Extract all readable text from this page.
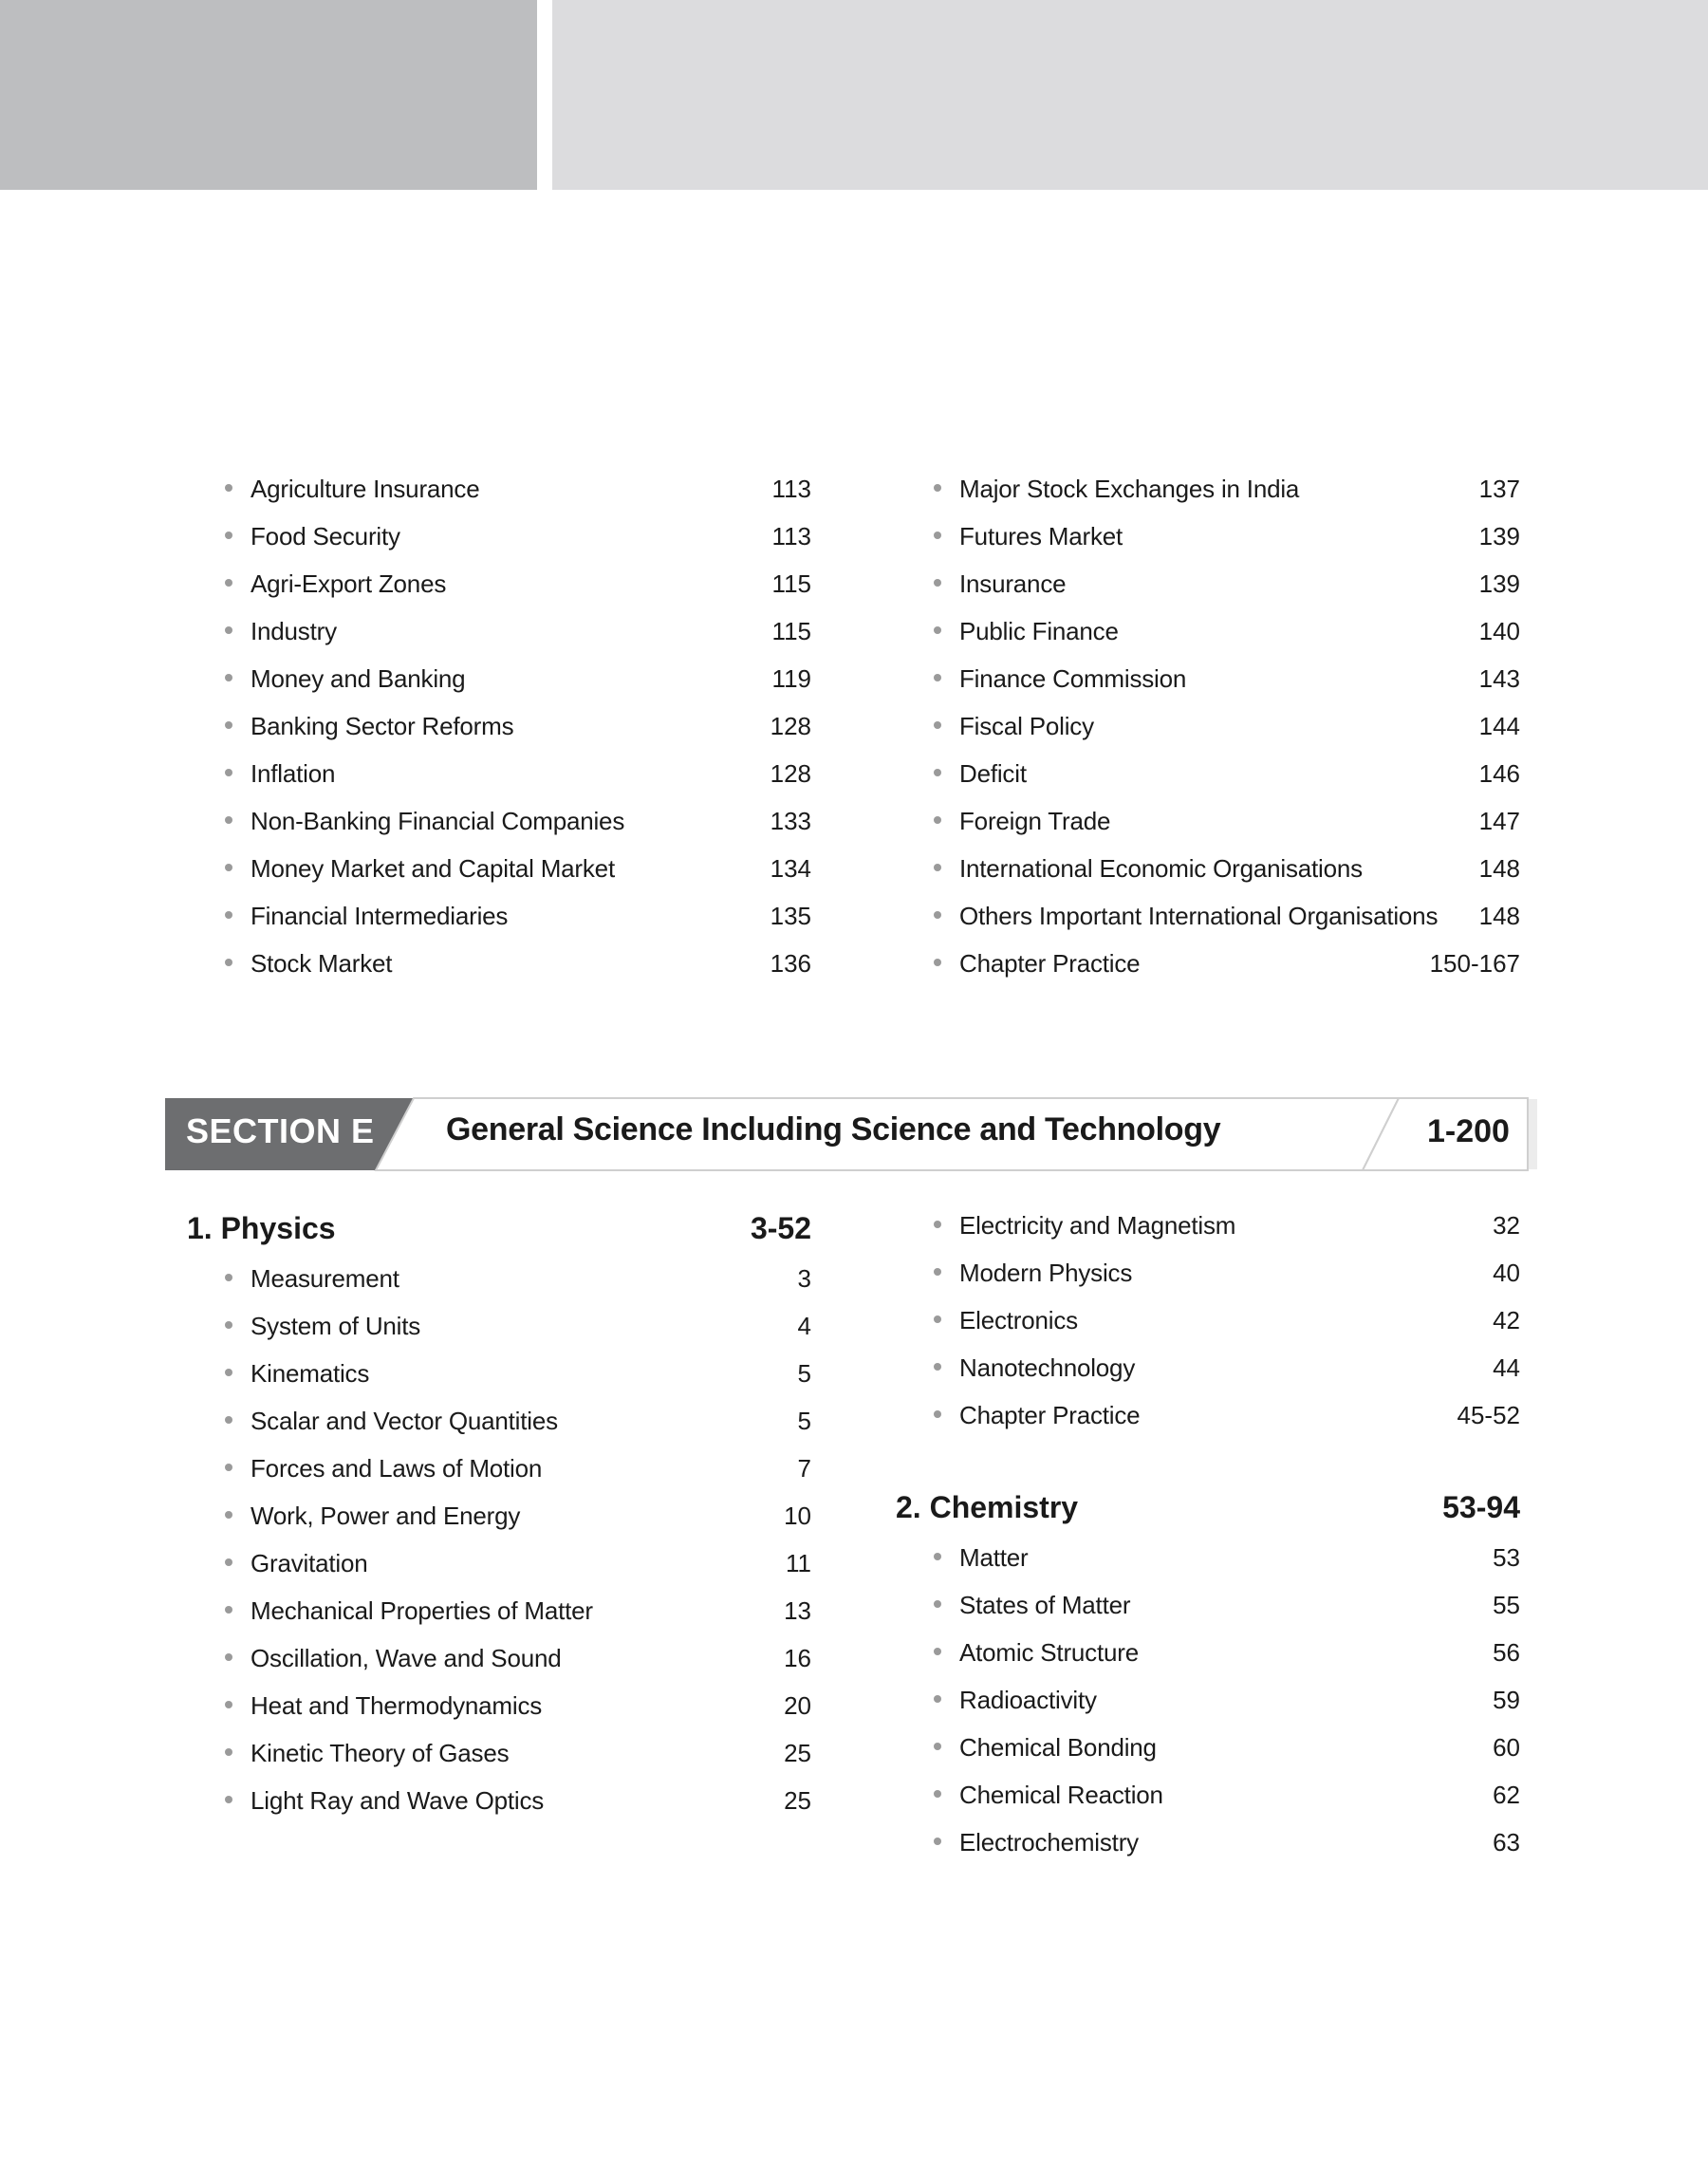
Agriculture Insurance	113
Food Security	113
Agri-Export Zones	115
Industry	115
Money and Banking	119
Banking Sector Reforms	128
Inflation	128
Non-Banking Financial Companies	133
Money Market and Capital Market	134
Financial Intermediaries	135
Stock Market	136
Major Stock Exchanges in India	137
Futures Market	139
Insurance	139
Public Finance	140
Finance Commission	143
Fiscal Policy	144
Deficit	146
Foreign Trade	147
International Economic Organisations	148
Others Important International Organisations 148
Chapter Practice	150-167
SECTION E General Science Including Science and Technology	1-200
1. Physics	3-52
Measurement	3
System of Units	4
Kinematics	5
Scalar and Vector Quantities	5
Forces and Laws of Motion	7
Work, Power and Energy	10
Gravitation	11
Mechanical Properties of Matter	13
Oscillation, Wave and Sound	16
Heat and Thermodynamics	20
Kinetic Theory of Gases	25
Light Ray and Wave Optics	25
Electricity and Magnetism	32
Modern Physics	40
Electronics	42
Nanotechnology	44
Chapter Practice	45-52
2. Chemistry	53-94
Matter	53
States of Matter	55
Atomic Structure	56
Radioactivity	59
Chemical Bonding	60
Chemical Reaction	62
Electrochemistry	63
